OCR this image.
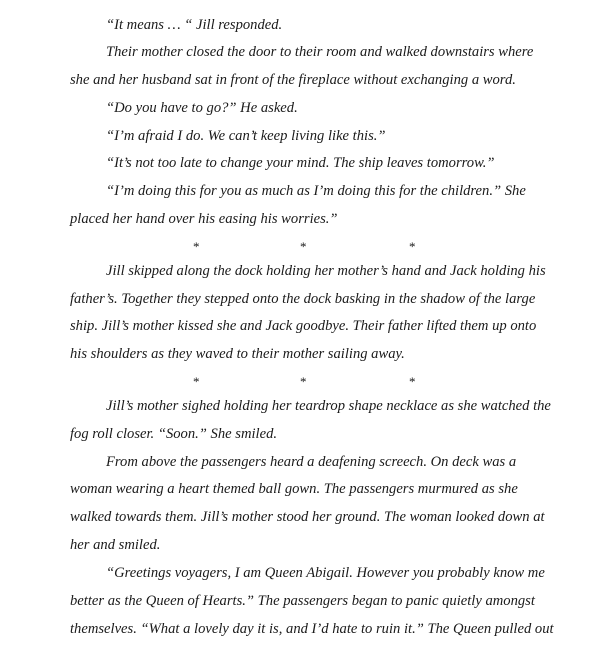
“It means … “ Jill responded.
Their mother closed the door to their room and walked downstairs where
she and her husband sat in front of the fireplace without exchanging a word.
“Do you have to go?” He asked.
“I’m afraid I do. We can’t keep living like this.”
“It’s not too late to change your mind. The ship leaves tomorrow.”
“I’m doing this for you as much as I’m doing this for the children.” She
placed her hand over his easing his worries.”
*	*	*
Jill skipped along the dock holding her mother’s hand and Jack holding his
father’s. Together they stepped onto the dock basking in the shadow of the large
ship. Jill’s mother kissed she and Jack goodbye. Their father lifted them up onto
his shoulders as they waved to their mother sailing away.
*	*	*
Jill’s mother sighed holding her teardrop shape necklace as she watched the
fog roll closer. “Soon.” She smiled.
From above the passengers heard a deafening screech. On deck was a
woman wearing a heart themed ball gown. The passengers murmured as she
walked towards them. Jill’s mother stood her ground. The woman looked down at
her and smiled.
“Greetings voyagers, I am Queen Abigail. However you probably know me
better as the Queen of Hearts.” The passengers began to panic quietly amongst
themselves. “What a lovely day it is, and I’d hate to ruin it.” The Queen pulled out
